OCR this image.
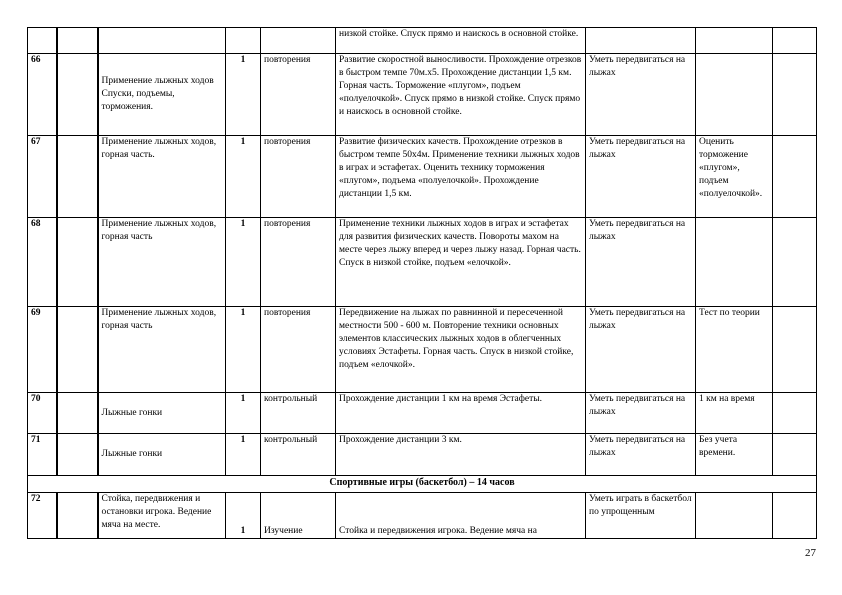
					низкой стойке. Спуск прямо и наискось в основной стойке.			
66		Применение лыжных ходов Спуски, подъемы, торможения.	1	повторения	Развитие скоростной выносливости. Прохождение отрезков в быстром темпе 70м.х5. Прохождение дистанции 1,5 км. Горная часть. Торможение «плугом», подъем «полуелочкой». Спуск прямо в низкой стойке. Спуск прямо и наискось в основной стойке.	Уметь передвигаться на лыжах		
67		Применение лыжных ходов, горная часть.	1	повторения	Развитие физических качеств. Прохождение отрезков в быстром темпе 50х4м. Применение техники лыжных ходов в играх и эстафетах. Оценить технику торможения «плугом», подъема «полуелочкой». Прохождение дистанции 1,5 км.	Уметь передвигаться на лыжах	Оценить торможение «плугом», подъем «полуелочкой».	
68		Применение лыжных ходов, горная часть	1	повторения	Применение техники лыжных ходов в играх и эстафетах для развития физических качеств. Повороты махом на месте через лыжу вперед и через лыжу назад. Горная часть. Спуск в низкой стойке, подъем «елочкой».	Уметь передвигаться на лыжах		
69		Применение лыжных ходов, горная часть	1	повторения	Передвижение на лыжах по равнинной и пересеченной местности 500 - 600 м. Повторение техники основных элементов классических лыжных ходов в облегченных условиях Эстафеты. Горная часть. Спуск в низкой стойке, подъем «елочкой».	Уметь передвигаться на лыжах	Тест по теории	
70		Лыжные гонки	1	контрольный	Прохождение дистанции 1 км на время Эстафеты.	Уметь передвигаться на лыжах	1 км на время	
71		Лыжные гонки	1	контрольный	Прохождение дистанции 3 км.	Уметь передвигаться на лыжах	Без учета времени.	
Спортивные игры (баскетбол) – 14 часов								
72		Стойка, передвижения и остановки игрока. Ведение мяча на месте.	1	Изучение	Стойка и передвижения игрока. Ведение мяча на	Уметь играть в баскетбол по упрощенным		
27
